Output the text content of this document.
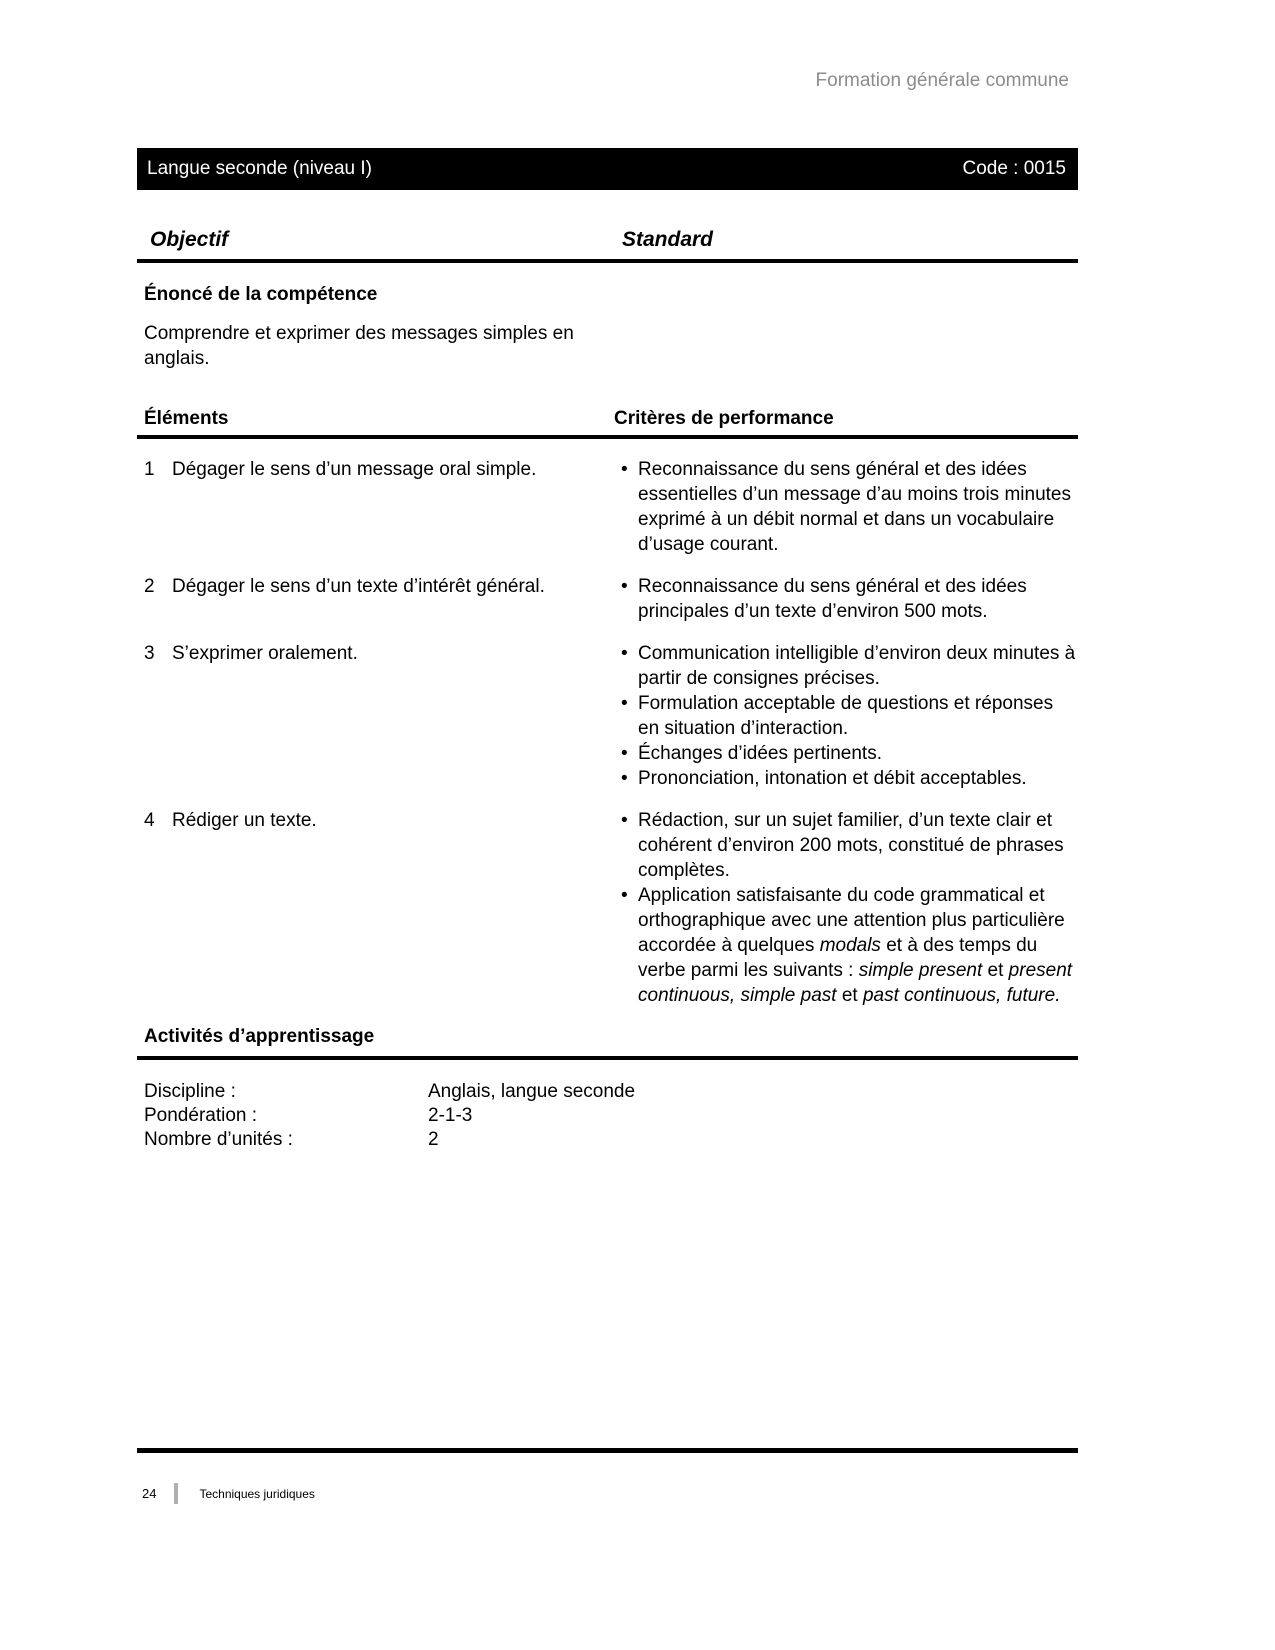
Formation générale commune
Langue seconde (niveau I)	Code : 0015
Objectif	Standard
Énoncé de la compétence

Comprendre et exprimer des messages simples en anglais.

Éléments	Critères de performance
1 Dégager le sens d’un message oral simple.	• Reconnaissance du sens général et des idées essentielles d’un message d’au moins trois minutes exprimé à un débit normal et dans un vocabulaire d’usage courant.
2 Dégager le sens d’un texte d’intérêt général.	• Reconnaissance du sens général et des idées principales d’un texte d’environ 500 mots.
3 S’exprimer oralement.	• Communication intelligible d’environ deux minutes à partir de consignes précises.
• Formulation acceptable de questions et réponses en situation d’interaction.
• Échanges d’idées pertinents.
• Prononciation, intonation et débit acceptables.
4 Rédiger un texte.	• Rédaction, sur un sujet familier, d’un texte clair et cohérent d’environ 200 mots, constitué de phrases complètes.
• Application satisfaisante du code grammatical et orthographique avec une attention plus particulière accordée à quelques modals et à des temps du verbe parmi les suivants : simple present et present continuous, simple past et past continuous, future.
Activités d’apprentissage
Discipline :	Anglais, langue seconde
Pondération :	2-1-3
Nombre d’unités :	2
24	Techniques juridiques
